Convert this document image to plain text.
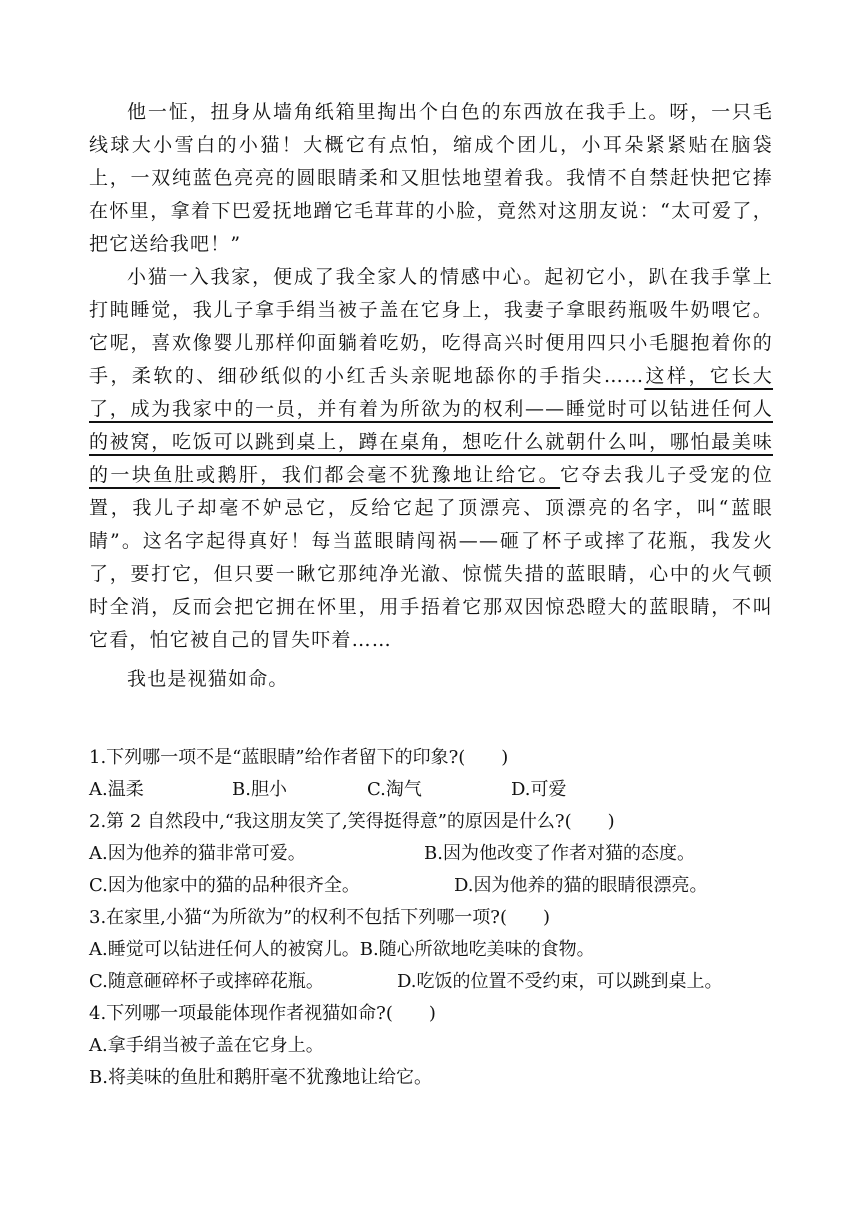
他一怔，扭身从墙角纸箱里掏出个白色的东西放在我手上。呀，一只毛线球大小雪白的小猫！大概它有点怕，缩成个团儿，小耳朵紧紧贴在脑袋上，一双纯蓝色亮亮的圆眼睛柔和又胆怯地望着我。我情不自禁赶快把它捧在怀里，拿着下巴爱抚地蹭它毛茸茸的小脸，竟然对这朋友说：“太可爱了，把它送给我吧！”

小猫一入我家，便成了我全家人的情感中心。起初它小，趴在我手掌上打盹睡觉，我儿子拿手绢当被子盖在它身上，我妻子拿眼药瓶吸牛奶喂它。它呢，喜欢像婴儿那样仰面躺着吃奶，吃得高兴时便用四只小毛腿抱着你的手，柔软的、细砂纸似的小红舌头亲昵地舔你的手指尖……这样，它长大了，成为我家中的一员，并有着为所欲为的权利——睡觉时可以钻进任何人的被窝，吃饭可以跳到桌上，蹲在桌角，想吃什么就朝什么叫，哪怕最美味的一块鱼肚或鹅肝，我们都会毫不犹豫地让给它。它夺去我儿子受宠的位置，我儿子却毫不妒忌它，反给它起了顶漂亮、顶漂亮的名字，叫“蓝眼睛”。这名字起得真好！每当蓝眼睛闯祸——砸了杯子或摔了花瓶，我发火了，要打它，但只要一瞅它那纯净光澈、惊慌失措的蓝眼睛，心中的火气顿时全消，反而会把它拥在怀里，用手捂着它那双因惊恐瞪大的蓝眼睛，不叫它看，怕它被自己的冒失吓着……

我也是视猫如命。

1.下列哪一项不是“蓝眼睛”给作者留下的印象?(　　)
A.温柔	B.胆小	C.淘气	D.可爱
2.第 2 自然段中,“我这朋友笑了,笑得挺得意”的原因是什么?(　　)
A.因为他养的猫非常可爱。	B.因为他改变了作者对猫的态度。
C.因为他家中的猫的品种很齐全。	D.因为他养的猫的眼睛很漂亮。
3.在家里,小猫“为所欲为”的权利不包括下列哪一项?(　　)
A.睡觉可以钻进任何人的被窝儿。B.随心所欲地吃美味的食物。
C.随意砸碎杯子或摔碎花瓶。	D.吃饭的位置不受约束，可以跳到桌上。
4.下列哪一项最能体现作者视猫如命?(　　)
A.拿手绢当被子盖在它身上。
B.将美味的鱼肚和鹅肝毫不犹豫地让给它。
